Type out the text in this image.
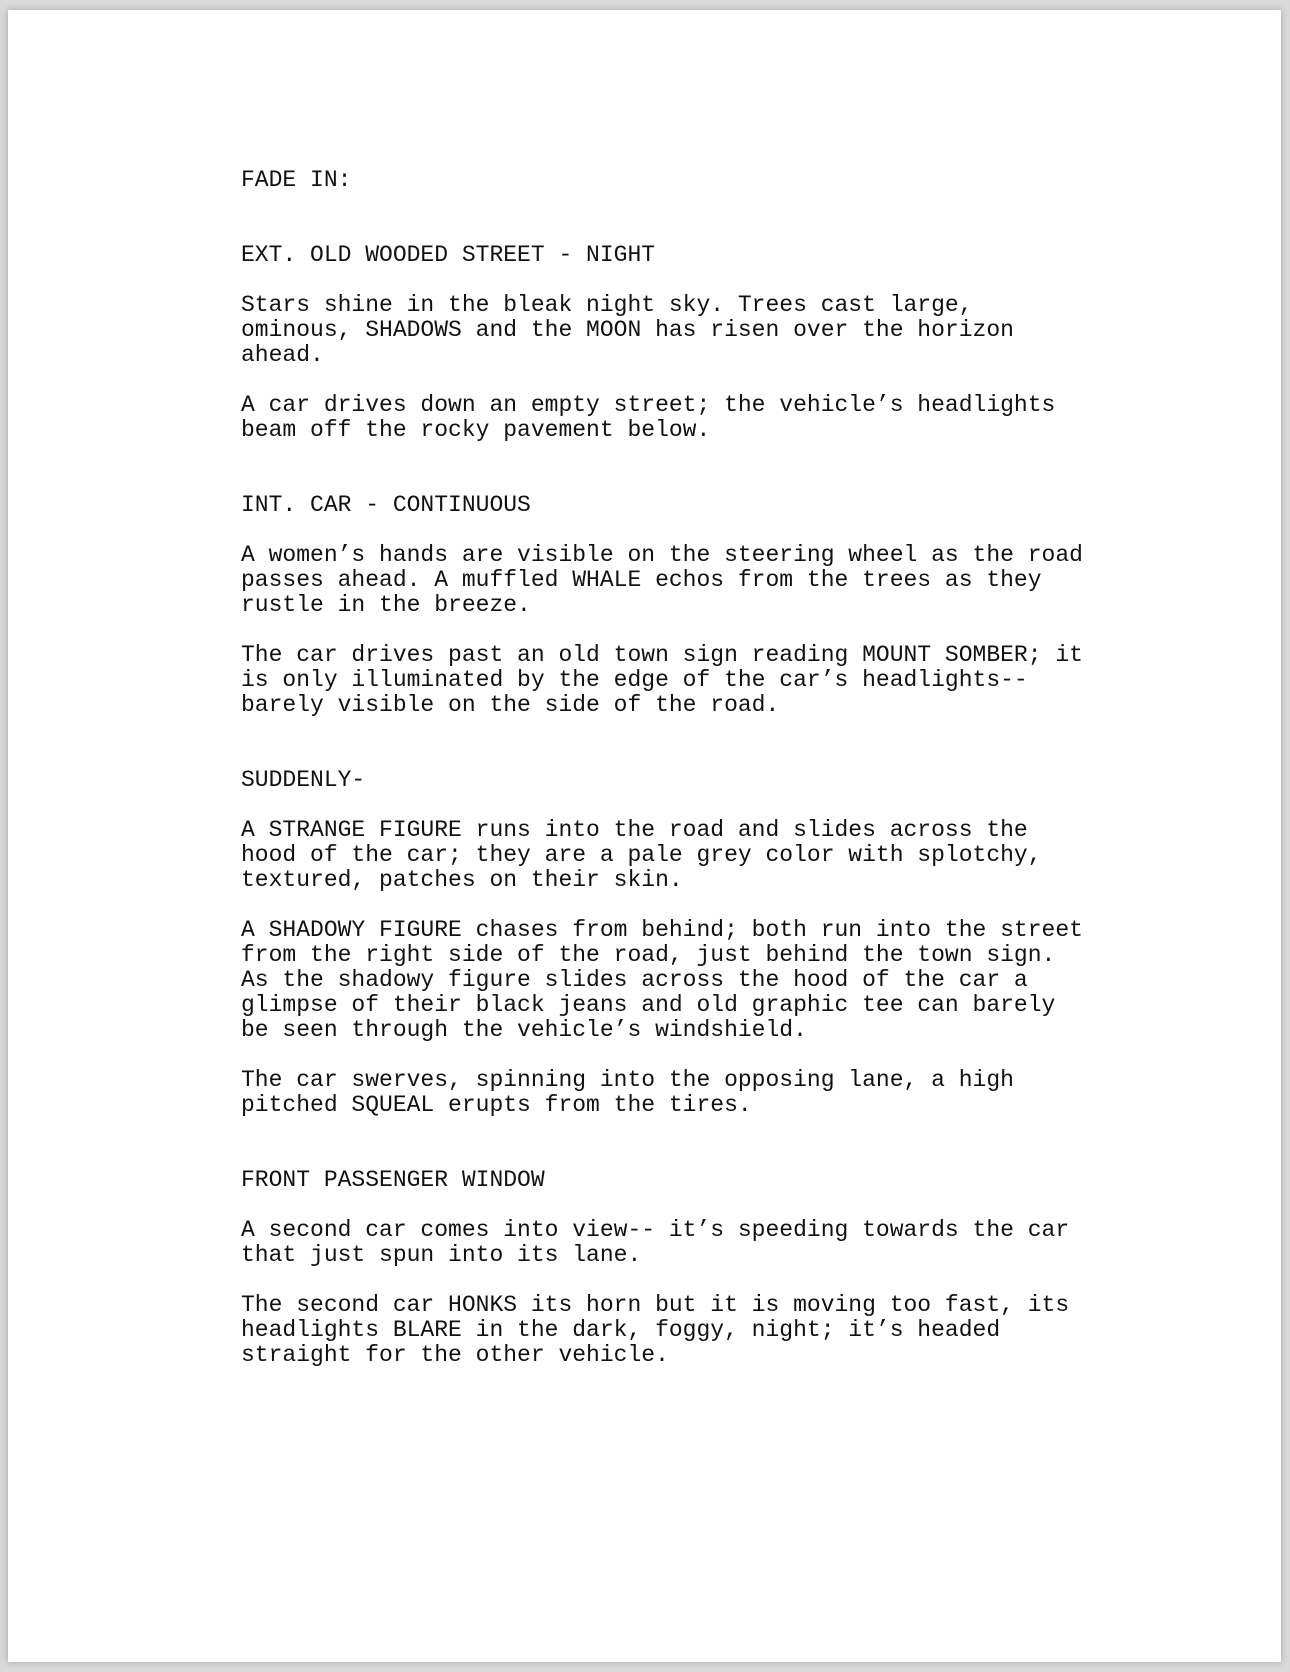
FADE IN:
EXT. OLD WOODED STREET - NIGHT
Stars shine in the bleak night sky. Trees cast large,
ominous, SHADOWS and the MOON has risen over the horizon
ahead.
A car drives down an empty street; the vehicle’s headlights
beam off the rocky pavement below.
INT. CAR - CONTINUOUS
A women’s hands are visible on the steering wheel as the road
passes ahead. A muffled WHALE echos from the trees as they
rustle in the breeze.
The car drives past an old town sign reading MOUNT SOMBER; it
is only illuminated by the edge of the car’s headlights--
barely visible on the side of the road.
SUDDENLY-
A STRANGE FIGURE runs into the road and slides across the
hood of the car; they are a pale grey color with splotchy,
textured, patches on their skin.
A SHADOWY FIGURE chases from behind; both run into the street
from the right side of the road, just behind the town sign.
As the shadowy figure slides across the hood of the car a
glimpse of their black jeans and old graphic tee can barely
be seen through the vehicle’s windshield.
The car swerves, spinning into the opposing lane, a high
pitched SQUEAL erupts from the tires.
FRONT PASSENGER WINDOW
A second car comes into view-- it’s speeding towards the car
that just spun into its lane.
The second car HONKS its horn but it is moving too fast, its
headlights BLARE in the dark, foggy, night; it’s headed
straight for the other vehicle.
